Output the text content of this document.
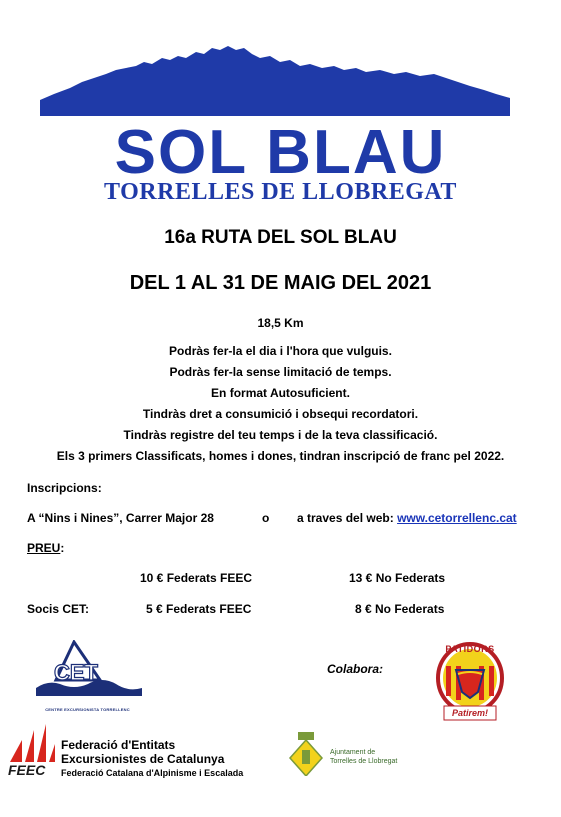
SOL BLAU
TORRELLES DE LLOBREGAT
16a RUTA DEL SOL BLAU
DEL 1 AL 31 DE MAIG DEL 2021
18,5 Km
Podràs fer-la el dia i l'hora que vulguis.
Podràs fer-la sense limitació de temps.
En format Autosuficient.
Tindràs dret a consumició i obsequi recordatori.
Tindràs registre del teu temps i de la teva classificació.
Els 3 primers Classificats, homes i dones, tindran inscripció de franc pel 2022.
Inscripcions:
A “Nins i Nines”, Carrer Major 28	o a traves del web: www.cetorrellenc.cat
PREU:
10 € Federats FEEC	13 € No Federats
Socis CET:	5 € Federats FEEC	8 € No Federats
CET
CENTRE EXCURSIONISTA TORRELLENC
Colabora:
PATIDORS
Patirem!
FEEC
Federació d'Entitats
Excursionistes de Catalunya
Federació Catalana d'Alpinisme i Escalada
Ajuntament de
Torrelles de Llobregat
